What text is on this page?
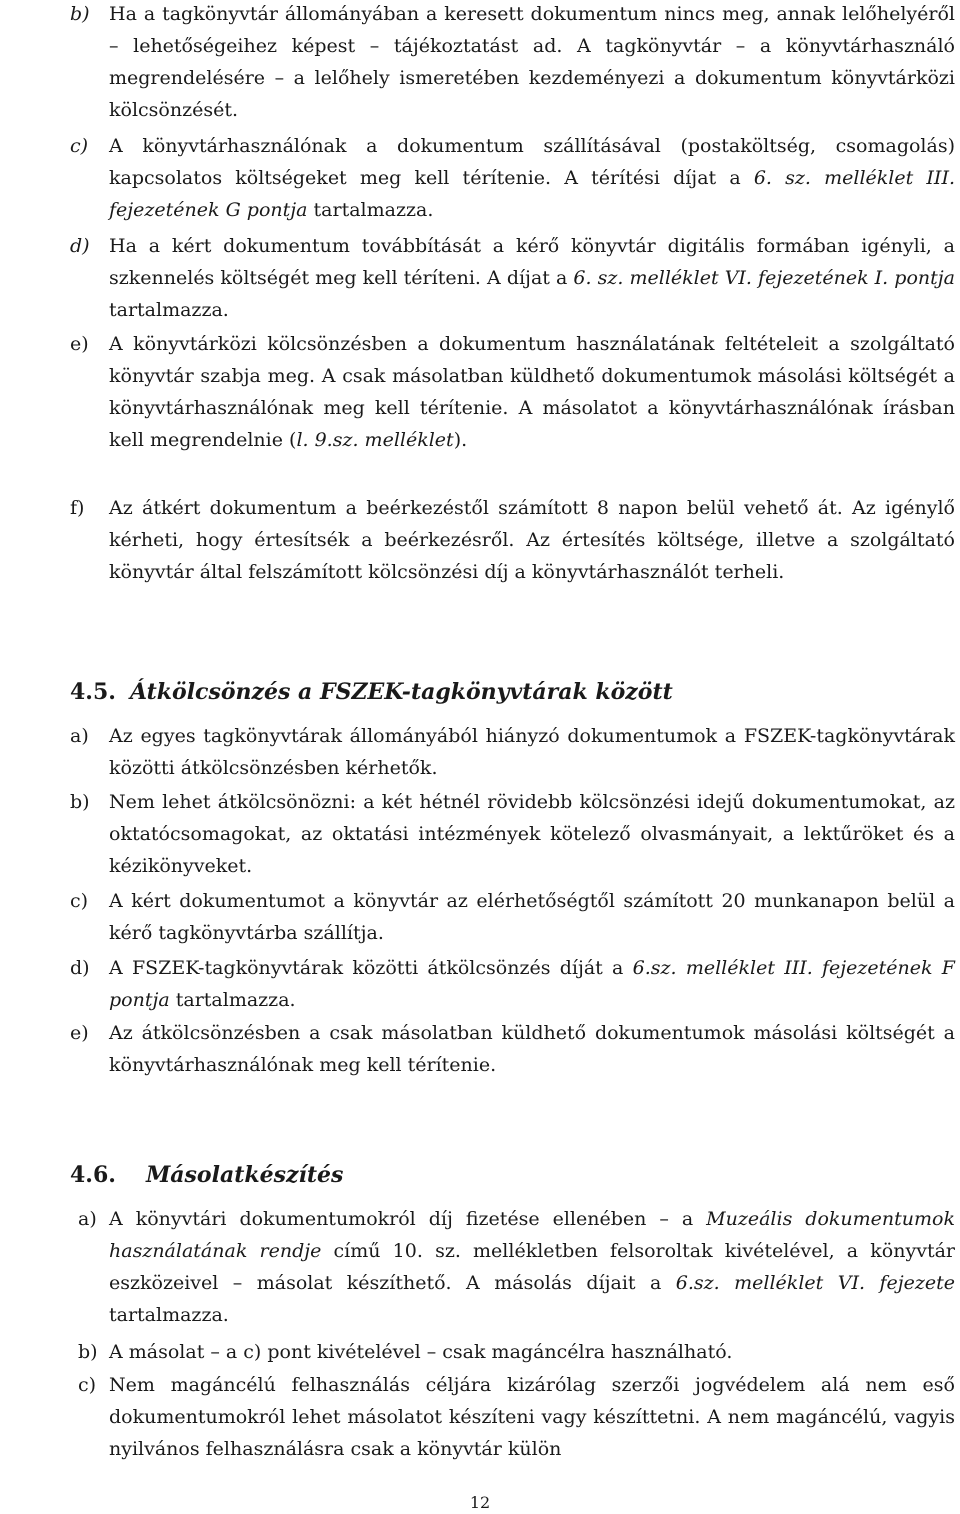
b) Ha a tagkönyvtár állományában a keresett dokumentum nincs meg, annak lelőhelyéről – lehetőségeihez képest – tájékoztatást ad. A tagkönyvtár – a könyvtárhasználó megrendelésére – a lelőhely ismeretében kezdeményezi a dokumentum könyvtárközi kölcsönzését.
c) A könyvtárhasználónak a dokumentum szállításával (postaköltség, csomagolás) kapcsolatos költségeket meg kell térítenie. A térítési díjat a 6. sz. melléklet III. fejezetének G pontja tartalmazza.
d) Ha a kért dokumentum továbbítását a kérő könyvtár digitális formában igényli, a szkennelés költségét meg kell téríteni. A díjat a 6. sz. melléklet VI. fejezetének I. pontja tartalmazza.
e) A könyvtárközi kölcsönzésben a dokumentum használatának feltételeit a szolgáltató könyvtár szabja meg. A csak másolatban küldhető dokumentumok másolási költségét a könyvtárhasználónak meg kell térítenie. A másolatot a könyvtárhasználónak írásban kell megrendelnie (l. 9.sz. melléklet).
f) Az átkért dokumentum a beérkezéstől számított 8 napon belül vehető át. Az igénylő kérheti, hogy értesítsék a beérkezésről. Az értesítés költsége, illetve a szolgáltató könyvtár által felszámított kölcsönzési díj a könyvtárhasználót terheli.
4.5. Átkölcsönzés a FSZEK-tagkönyvtárak között
a) Az egyes tagkönyvtárak állományából hiányzó dokumentumok a FSZEK-tagkönyvtárak közötti átkölcsönzésben kérhetők.
b) Nem lehet átkölcsönözni: a két hétnél rövidebb kölcsönzési idejű dokumentumokat, az oktatócsomagokat, az oktatási intézmények kötelező olvasmányait, a lektűröket és a kézikönyveket.
c) A kért dokumentumot a könyvtár az elérhetőségtől számított 20 munkanapon belül a kérő tagkönyvtárba szállítja.
d) A FSZEK-tagkönyvtárak közötti átkölcsönzés díját a 6.sz. melléklet III. fejezetének F pontja tartalmazza.
e) Az átkölcsönzésben a csak másolatban küldhető dokumentumok másolási költségét a könyvtárhasználónak meg kell térítenie.
4.6. Másolatkészítés
a) A könyvtári dokumentumokról díj fizetése ellenében – a Muzeális dokumentumok használatának rendje című 10. sz. mellékletben felsoroltak kivételével, a könyvtár eszközeivel – másolat készíthető. A másolás díjait a 6.sz. melléklet VI. fejezete tartalmazza.
b) A másolat – a c) pont kivételével – csak magáncélra használható.
c) Nem magáncélú felhasználás céljára kizárólag szerzői jogvédelem alá nem eső dokumentumokról lehet másolatot készíteni vagy készíttetni. A nem magáncélú, vagyis nyilvános felhasználásra csak a könyvtár külön
12
